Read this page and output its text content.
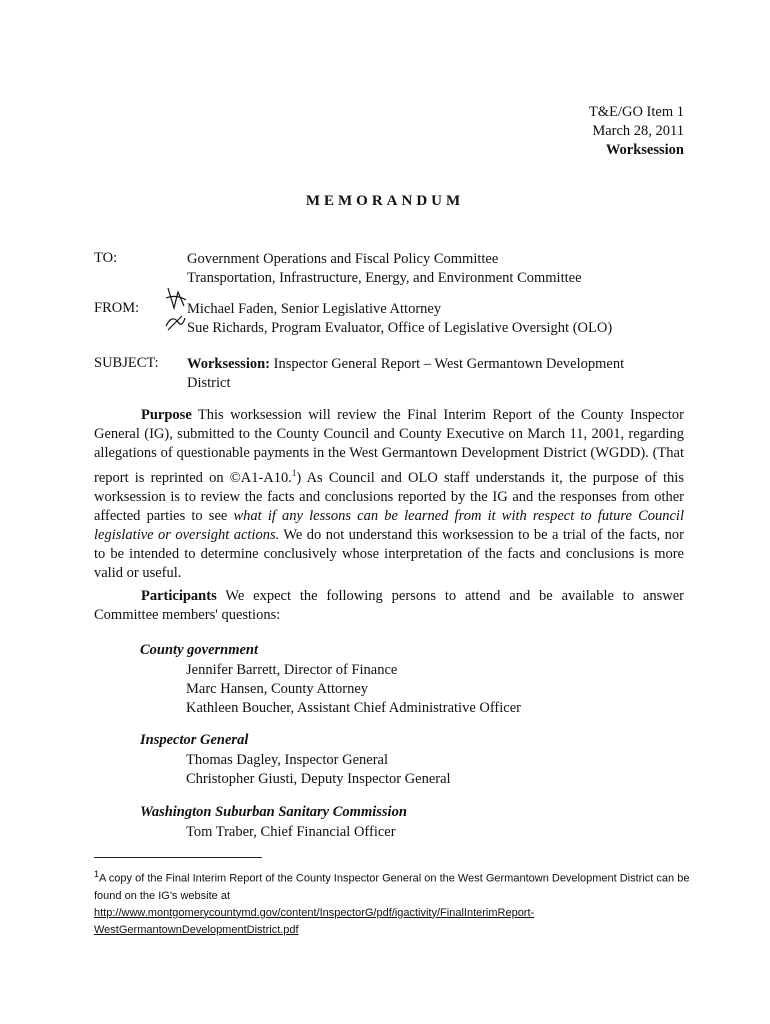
T&E/GO Item 1
March 28, 2011
Worksession
MEMORANDUM
TO:	Government Operations and Fiscal Policy Committee
Transportation, Infrastructure, Energy, and Environment Committee
FROM:	Michael Faden, Senior Legislative Attorney
Sue Richards, Program Evaluator, Office of Legislative Oversight (OLO)
SUBJECT: Worksession: Inspector General Report – West Germantown Development
District
Purpose This worksession will review the Final Interim Report of the County Inspector General (IG), submitted to the County Council and County Executive on March 11, 2001, regarding allegations of questionable payments in the West Germantown Development District (WGDD). (That report is reprinted on ©A1-A10.$^1$) As Council and OLO staff understands it, the purpose of this worksession is to review the facts and conclusions reported by the IG and the responses from other affected parties to see what if any lessons can be learned from it with respect to future Council legislative or oversight actions. We do not understand this worksession to be a trial of the facts, nor to be intended to determine conclusively whose interpretation of the facts and conclusions is more valid or useful.
Participants We expect the following persons to attend and be available to answer Committee members' questions:
County government
Jennifer Barrett, Director of Finance
Marc Hansen, County Attorney
Kathleen Boucher, Assistant Chief Administrative Officer
Inspector General
Thomas Dagley, Inspector General
Christopher Giusti, Deputy Inspector General
Washington Suburban Sanitary Commission
Tom Traber, Chief Financial Officer
$^1$A copy of the Final Interim Report of the County Inspector General on the West Germantown Development District can be found on the IG's website at
http://www.montgomerycountymd.gov/content/InspectorG/pdf/igactivity/FinalInterimReport-
WestGermantownDevelopmentDistrict.pdf
